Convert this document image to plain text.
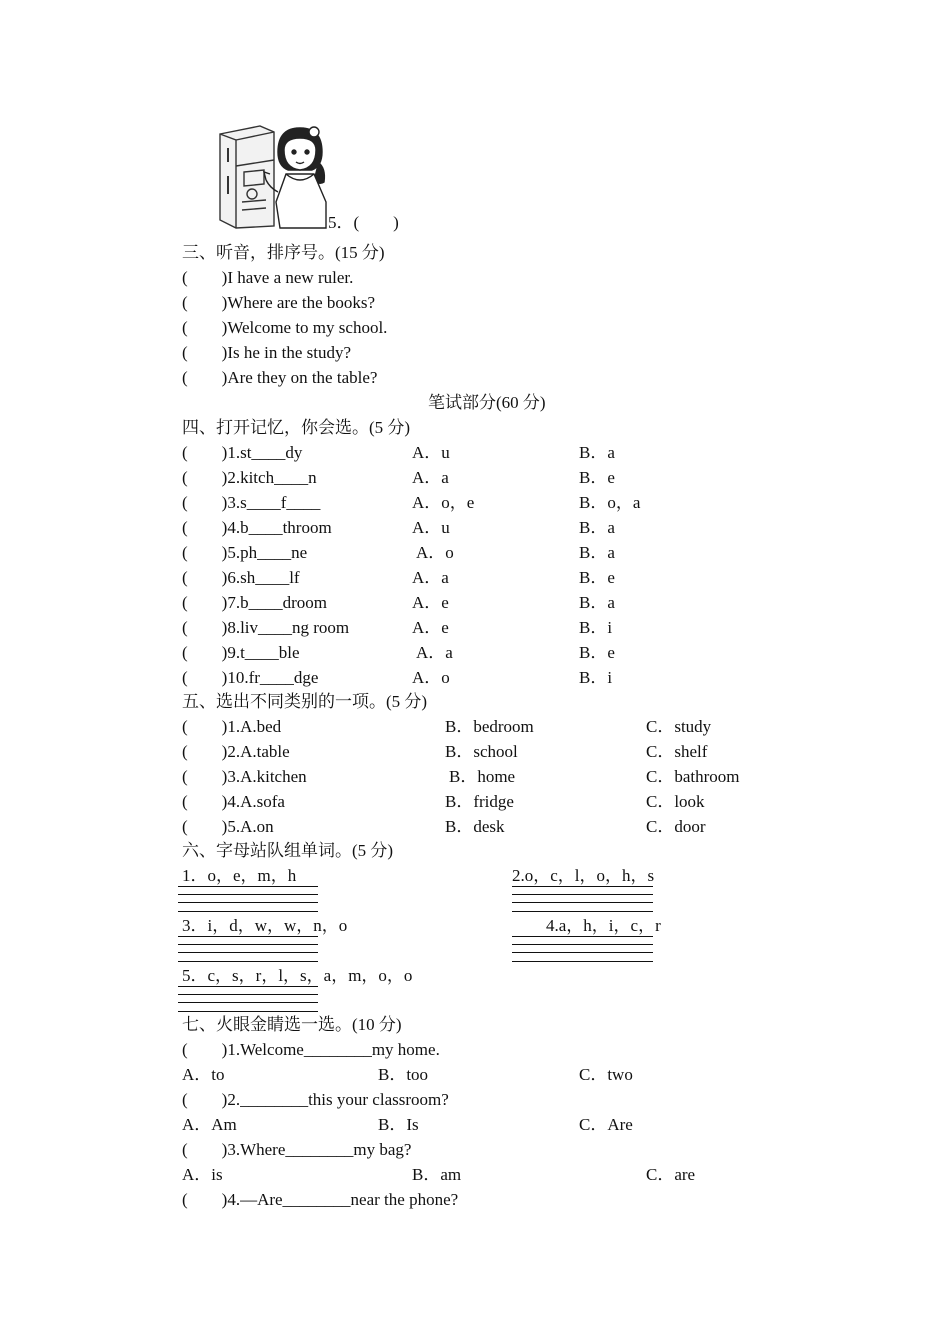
5．(        )
三、听音，排序号。(15 分)
(        )I have a new ruler.
(        )Where are the books?
(        )Welcome to my school.
(        )Is he in the study?
(        )Are they on the table?
笔试部分(60 分)
四、打开记忆，你会选。(5 分)
(        )1.st____dy	A．u	B．a
(        )2.kitch____n	A．a	B．e
(        )3.s____f____	A．o，e	B．o，a
(        )4.b____throom	A．u	B．a
(        )5.ph____ne	A．o	B．a
(        )6.sh____lf	A．a	B．e
(        )7.b____droom	A．e	B．a
(        )8.liv____ng room	A．e	B．i
(        )9.t____ble	A．a	B．e
(        )10.fr____dge	A．o	B．i
五、选出不同类别的一项。(5 分)
(        )1.A.bed	B．bedroom	C．study
(        )2.A.table	B．school	C．shelf
(        )3.A.kitchen	B．home	C．bathroom
(        )4.A.sofa	B．fridge	C．look
(        )5.A.on	B．desk	C．door
六、字母站队组单词。(5 分)
1．o，e，m，h	2.o，c，l，o，h，s
3．i，d，w，w，n，o	4.a，h，i，c，r
5．c，s，r，l，s，a，m，o，o
七、火眼金睛选一选。(10 分)
(        )1.Welcome________my home.
A．to	B．too	C．two
(        )2.________this your classroom?
A．Am	B．Is	C．Are
(        )3.Where________my bag?
A．is	B．am	C．are
(        )4.—Are________near the phone?
